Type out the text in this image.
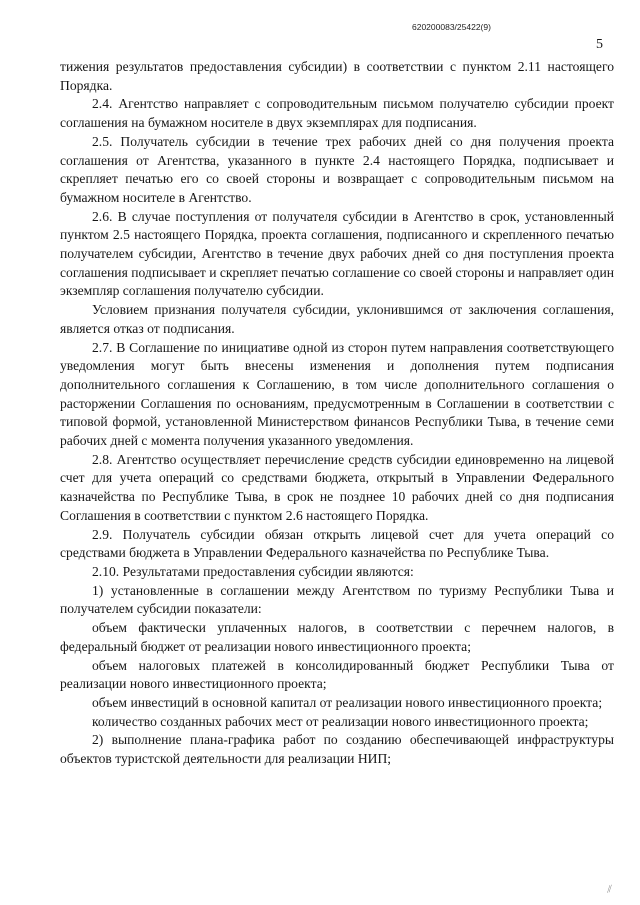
620200083/25422(9)
5

тижения результатов предоставления субсидии) в соответствии с пунктом 2.11 настоящего Порядка.

2.4. Агентство направляет с сопроводительным письмом получателю субсидии проект соглашения на бумажном носителе в двух экземплярах для подписания.

2.5. Получатель субсидии в течение трех рабочих дней со дня получения проекта соглашения от Агентства, указанного в пункте 2.4 настоящего Порядка, подписывает и скрепляет печатью его со своей стороны и возвращает с сопроводительным письмом на бумажном носителе в Агентство.

2.6. В случае поступления от получателя субсидии в Агентство в срок, установленный пунктом 2.5 настоящего Порядка, проекта соглашения, подписанного и скрепленного печатью получателем субсидии, Агентство в течение двух рабочих дней со дня поступления проекта соглашения подписывает и скрепляет печатью соглашение со своей стороны и направляет один экземпляр соглашения получателю субсидии.

Условием признания получателя субсидии, уклонившимся от заключения соглашения, является отказ от подписания.

2.7. В Соглашение по инициативе одной из сторон путем направления соответствующего уведомления могут быть внесены изменения и дополнения путем подписания дополнительного соглашения к Соглашению, в том числе дополнительного соглашения о расторжении Соглашения по основаниям, предусмотренным в Соглашении в соответствии с типовой формой, установленной Министерством финансов Республики Тыва, в течение семи рабочих дней с момента получения указанного уведомления.

2.8. Агентство осуществляет перечисление средств субсидии единовременно на лицевой счет для учета операций со средствами бюджета, открытый в Управлении Федерального казначейства по Республике Тыва, в срок не позднее 10 рабочих дней со дня подписания Соглашения в соответствии с пунктом 2.6 настоящего Порядка.

2.9. Получатель субсидии обязан открыть лицевой счет для учета операций со средствами бюджета в Управлении Федерального казначейства по Республике Тыва.

2.10. Результатами предоставления субсидии являются:

1) установленные в соглашении между Агентством по туризму Республики Тыва и получателем субсидии показатели:

объем фактически уплаченных налогов, в соответствии с перечнем налогов, в федеральный бюджет от реализации нового инвестиционного проекта;

объем налоговых платежей в консолидированный бюджет Республики Тыва от реализации нового инвестиционного проекта;

объем инвестиций в основной капитал от реализации нового инвестиционного проекта;

количество созданных рабочих мест от реализации нового инвестиционного проекта;

2) выполнение плана-графика работ по созданию обеспечивающей инфраструктуры объектов туристской деятельности для реализации НИП;

⁄⁄
